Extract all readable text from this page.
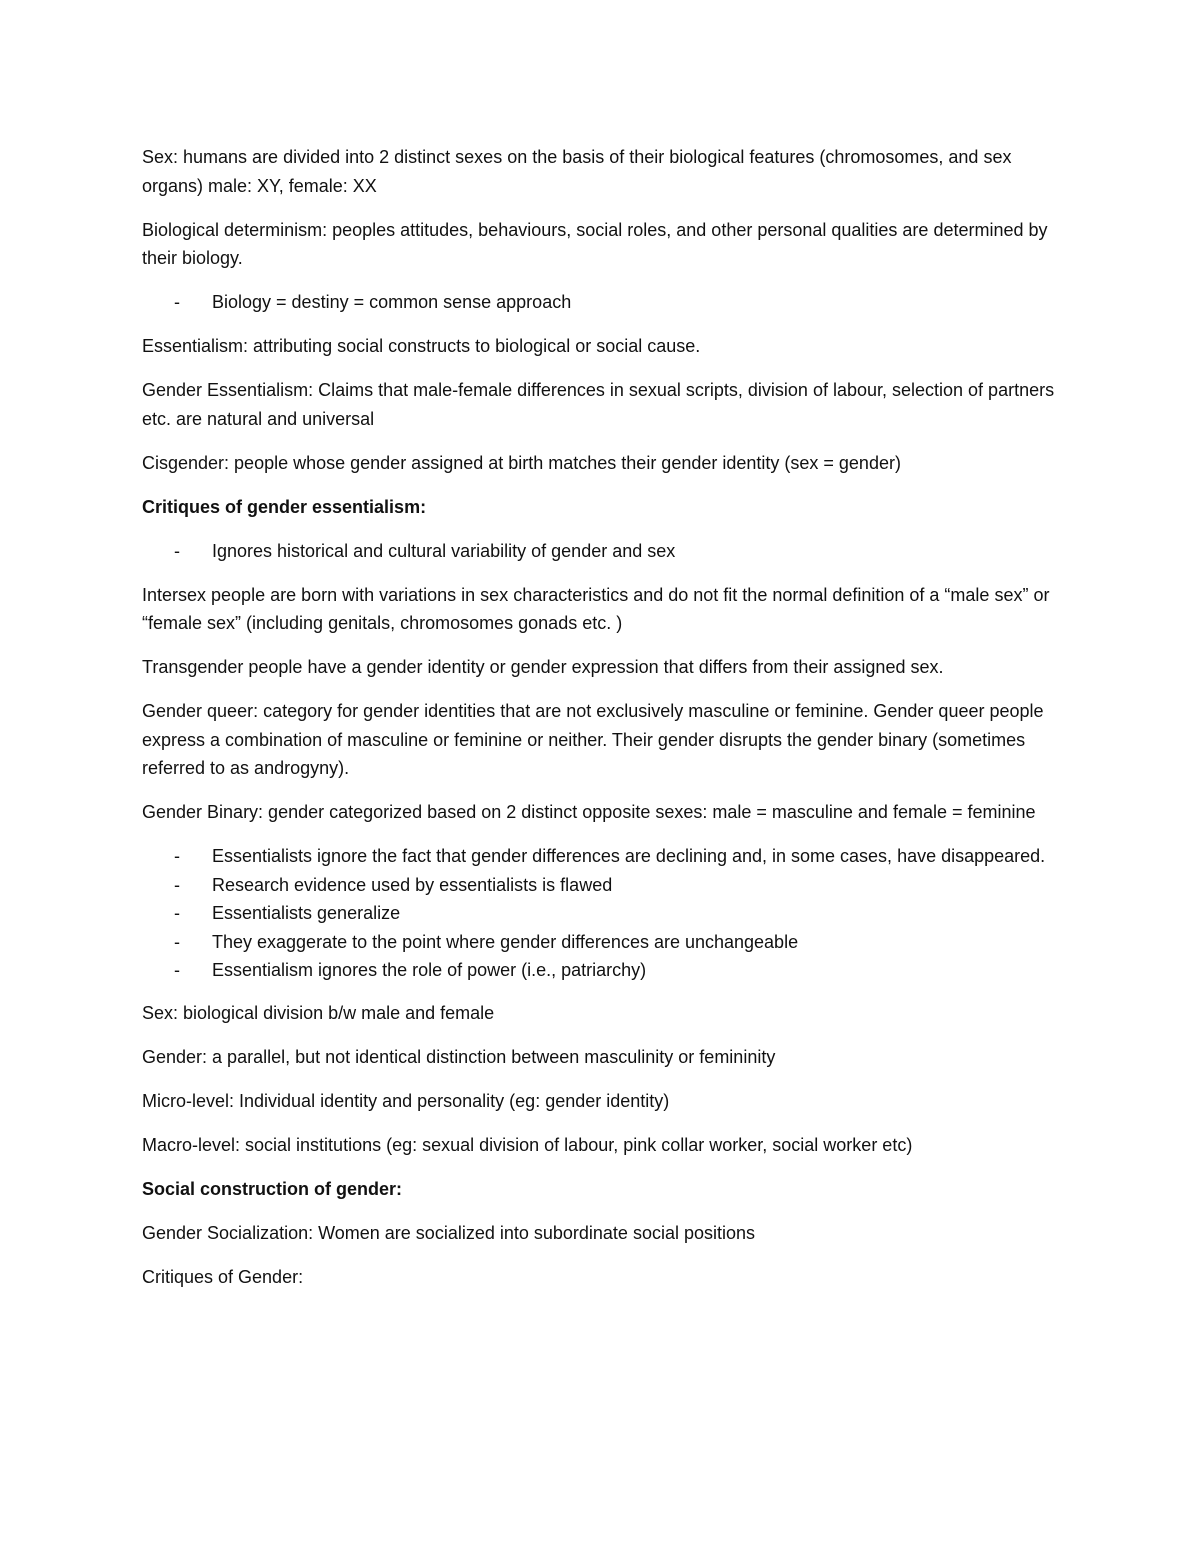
Sex: humans are divided into 2 distinct sexes on the basis of their biological features (chromosomes, and sex organs) male: XY, female: XX

Biological determinism: peoples attitudes, behaviours, social roles, and other personal qualities are determined by their biology.

- Biology = destiny = common sense approach

Essentialism: attributing social constructs to biological or social cause.

Gender Essentialism: Claims that male-female differences in sexual scripts, division of labour, selection of partners etc. are natural and universal

Cisgender: people whose gender assigned at birth matches their gender identity (sex = gender)

Critiques of gender essentialism:

- Ignores historical and cultural variability of gender and sex

Intersex people are born with variations in sex characteristics and do not fit the normal definition of a “male sex” or “female sex” (including genitals, chromosomes gonads etc. )

Transgender people have a gender identity or gender expression that differs from their assigned sex.

Gender queer: category for gender identities that are not exclusively masculine or feminine. Gender queer people express a combination of masculine or feminine or neither. Their gender disrupts the gender binary (sometimes referred to as androgyny).

Gender Binary: gender categorized based on 2 distinct opposite sexes: male = masculine and female = feminine

- Essentialists ignore the fact that gender differences are declining and, in some cases, have disappeared.
- Research evidence used by essentialists is flawed
- Essentialists generalize
- They exaggerate to the point where gender differences are unchangeable
- Essentialism ignores the role of power (i.e., patriarchy)

Sex: biological division b/w male and female

Gender: a parallel, but not identical distinction between masculinity or femininity

Micro-level: Individual identity and personality (eg: gender identity)

Macro-level: social institutions (eg: sexual division of labour, pink collar worker, social worker etc)

Social construction of gender:

Gender Socialization: Women are socialized into subordinate social positions

Critiques of Gender:
